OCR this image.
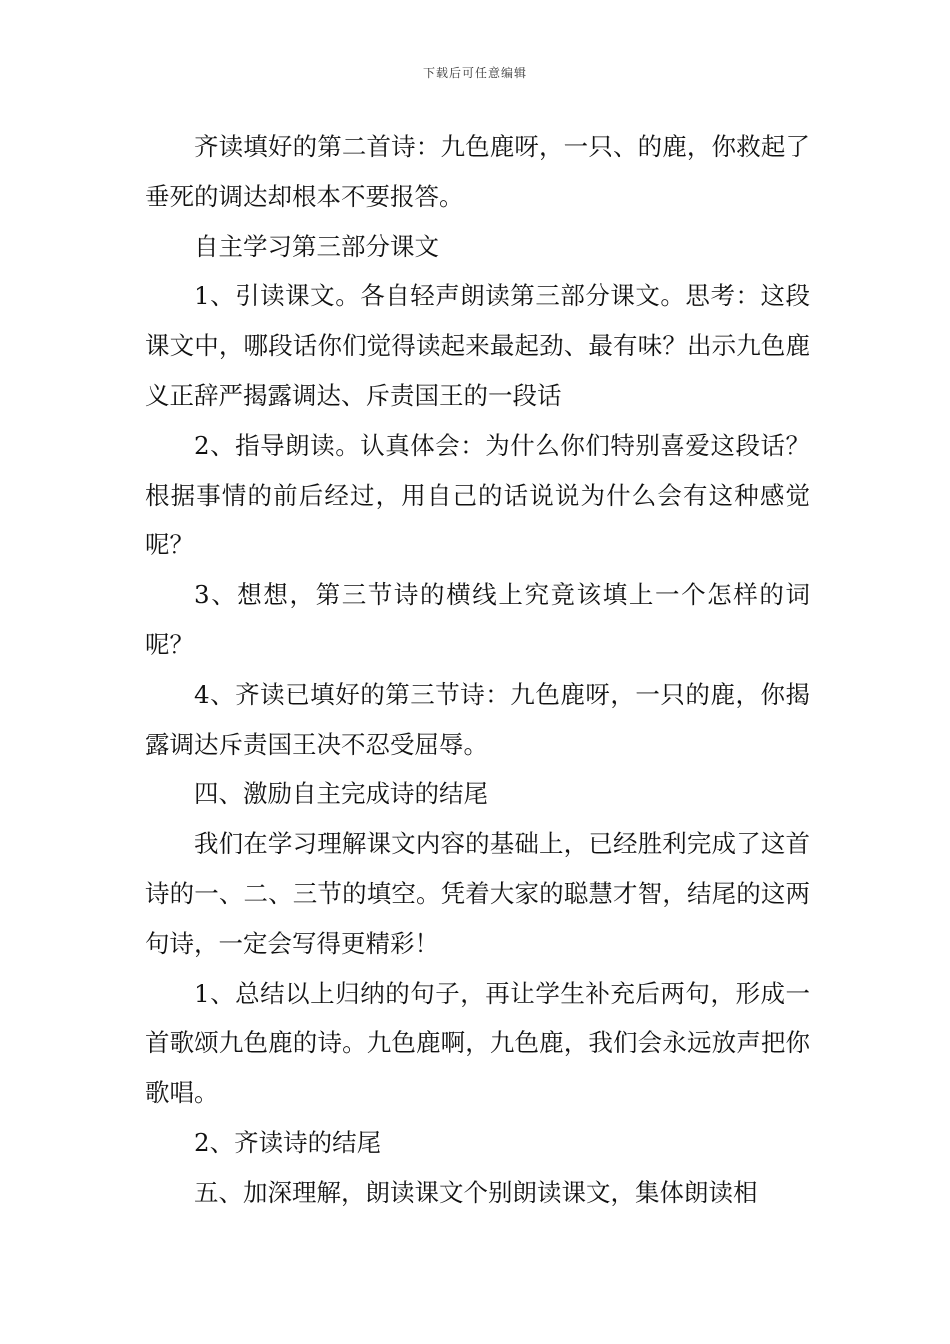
下载后可任意编辑

齐读填好的第二首诗：九色鹿呀，一只、的鹿，你救起了垂死的调达却根本不要报答。

自主学习第三部分课文

1、引读课文。各自轻声朗读第三部分课文。思考：这段课文中，哪段话你们觉得读起来最起劲、最有味？出示九色鹿义正辞严揭露调达、斥责国王的一段话

2、指导朗读。认真体会：为什么你们特别喜爱这段话？根据事情的前后经过，用自己的话说说为什么会有这种感觉呢？

3、想想，第三节诗的横线上究竟该填上一个怎样的词呢？

4、齐读已填好的第三节诗：九色鹿呀，一只的鹿，你揭露调达斥责国王决不忍受屈辱。

四、激励自主完成诗的结尾

我们在学习理解课文内容的基础上，已经胜利完成了这首诗的一、二、三节的填空。凭着大家的聪慧才智，结尾的这两句诗，一定会写得更精彩！

1、总结以上归纳的句子，再让学生补充后两句，形成一首歌颂九色鹿的诗。九色鹿啊，九色鹿，我们会永远放声把你歌唱。

2、齐读诗的结尾

五、加深理解，朗读课文个别朗读课文，集体朗读相
